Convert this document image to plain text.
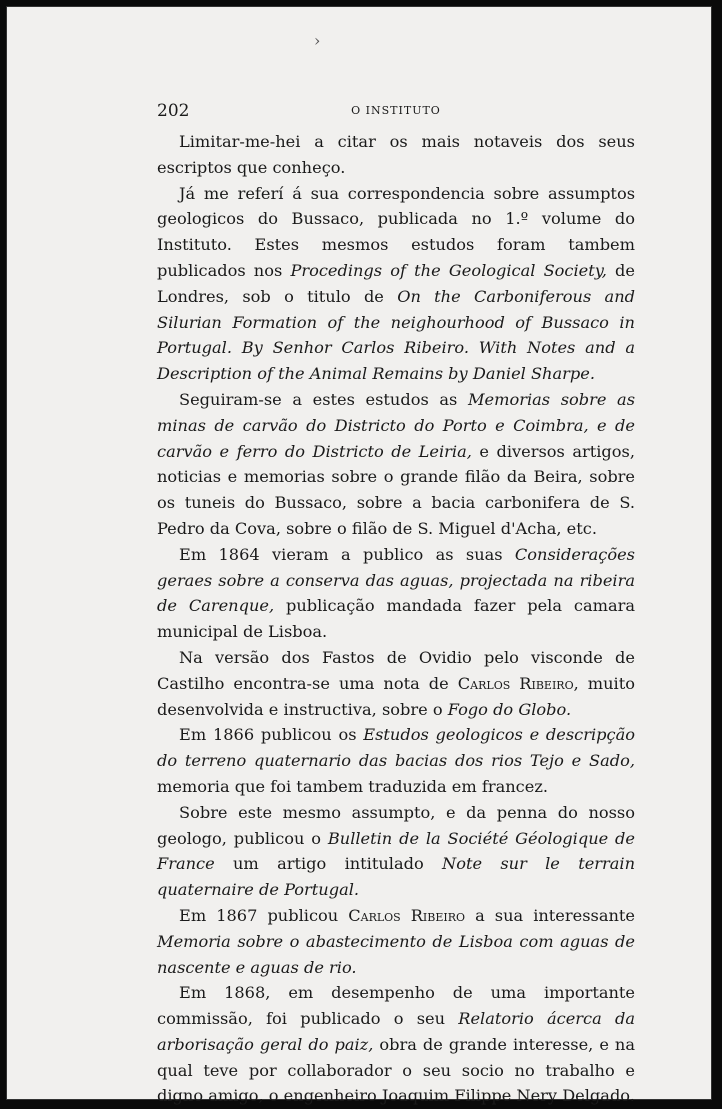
›
202	O INSTITUTO

Limitar-me-hei a citar os mais notaveis dos seus escriptos que conheço.

Já me referí á sua correspondencia sobre assumptos geologicos do Bussaco, publicada no 1.º volume do Instituto. Estes mesmos estudos foram tambem publicados nos Procedings of the Geological Society, de Londres, sob o titulo de On the Carboniferous and Silurian Formation of the neighourhood of Bussaco in Portugal. By Senhor Carlos Ribeiro. With Notes and a Description of the Animal Remains by Daniel Sharpe.

Seguiram-se a estes estudos as Memorias sobre as minas de carvão do Districto do Porto e Coimbra, e de carvão e ferro do Districto de Leiria, e diversos artigos, noticias e memorias sobre o grande filão da Beira, sobre os tuneis do Bussaco, sobre a bacia carbonifera de S. Pedro da Cova, sobre o filão de S. Miguel d'Acha, etc.

Em 1864 vieram a publico as suas Considerações geraes sobre a conserva das aguas, projectada na ribeira de Carenque, publicação mandada fazer pela camara municipal de Lisboa.

Na versão dos Fastos de Ovidio pelo visconde de Castilho encontra-se uma nota de Carlos Ribeiro, muito desenvolvida e instructiva, sobre o Fogo do Globo.

Em 1866 publicou os Estudos geologicos e descripção do terreno quaternario das bacias dos rios Tejo e Sado, memoria que foi tambem traduzida em francez.

Sobre este mesmo assumpto, e da penna do nosso geologo, publicou o Bulletin de la Société Géologique de France um artigo intitulado Note sur le terrain quaternaire de Portugal.

Em 1867 publicou Carlos Ribeiro a sua interessante Memoria sobre o abastecimento de Lisboa com aguas de nascente e aguas de rio.

Em 1868, em desempenho de uma importante commissão, foi publicado o seu Relatorio ácerca da arborisação geral do paiz, obra de grande interesse, e na qual teve por collaborador o seu socio no trabalho e digno amigo, o engenheiro Joaquim Filippe Nery Delgado.
